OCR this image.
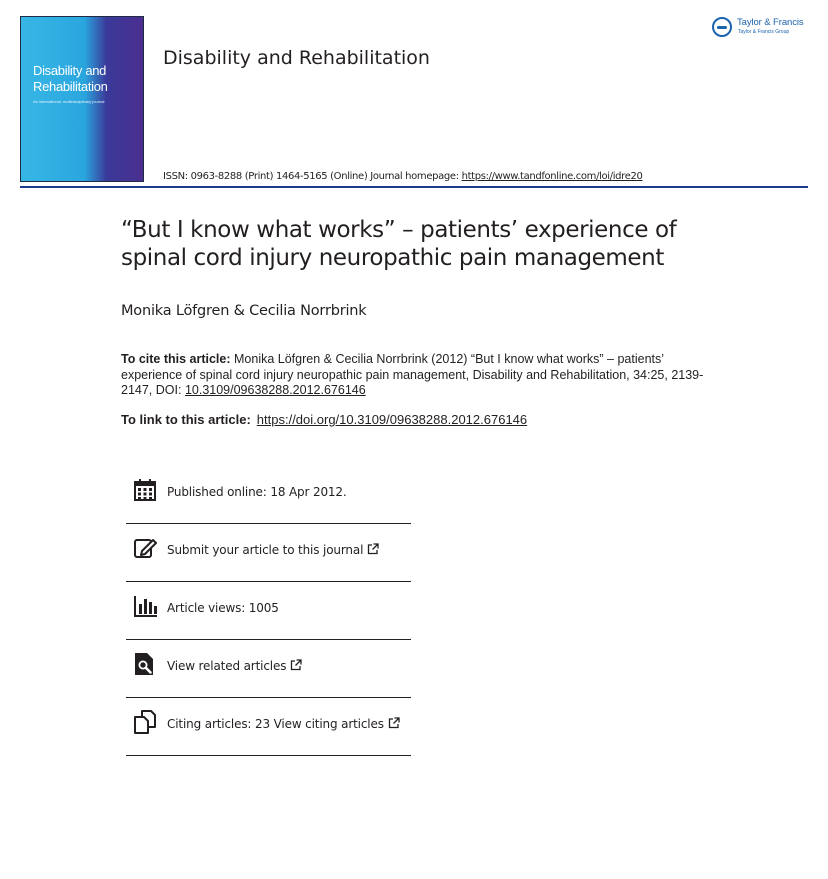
Disability and Rehabilitation
An international, multidisciplinary journal
Disability and Rehabilitation
Taylor & Francis
Taylor & Francis Group
ISSN: 0963-8288 (Print) 1464-5165 (Online) Journal homepage: https://www.tandfonline.com/loi/idre20
“But I know what works” – patients’ experience of spinal cord injury neuropathic pain management
Monika Löfgren & Cecilia Norrbrink
To cite this article: Monika Löfgren & Cecilia Norrbrink (2012) “But I know what works” – patients’ experience of spinal cord injury neuropathic pain management, Disability and Rehabilitation, 34:25, 2139-2147, DOI: 10.3109/09638288.2012.676146
To link to this article: https://doi.org/10.3109/09638288.2012.676146
Published online: 18 Apr 2012.
Submit your article to this journal
Article views: 1005
View related articles
Citing articles: 23 View citing articles
